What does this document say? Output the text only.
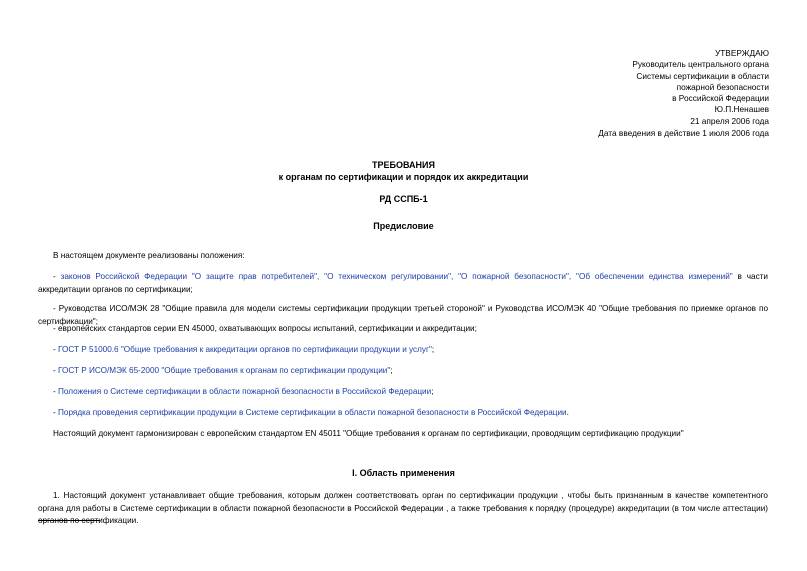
УТВЕРЖДАЮ
Руководитель центрального органа
Системы сертификации в области
пожарной безопасности
в Российской Федерации
Ю.П.Ненашев
21 апреля 2006 года
Дата введения в действие 1 июля 2006 года
ТРЕБОВАНИЯ
к органам по сертификации и порядок их аккредитации
РД ССПБ-1
Предисловие
В настоящем документе реализованы положения:
- законов Российской Федерации "О защите прав потребителей", "О техническом регулировании", "О пожарной безопасности", "Об обеспечении единства измерений" в части аккредитации органов по сертификации;
- Руководства ИСО/МЭК 28 "Общие правила для модели системы сертификации продукции третьей стороной" и Руководства ИСО/МЭК 40 "Общие требования по приемке органов по сертификации";
- европейских стандартов серии EN 45000, охватывающих вопросы испытаний, сертификации и аккредитации;
- ГОСТ Р 51000.6 "Общие требования к аккредитации органов по сертификации продукции и услуг";
- ГОСТ Р ИСО/МЭК 65-2000 "Общие требования к органам по сертификации продукции";
- Положения о Системе сертификации в области пожарной безопасности в Российской Федерации;
- Порядка проведения сертификации продукции в Системе сертификации в области пожарной безопасности в Российской Федерации.
Настоящий документ гармонизирован с европейским стандартом EN 45011 "Общие требования к органам по сертификации, проводящим сертификацию продукции"
I. Область применения
1. Настоящий документ устанавливает общие требования, которым должен соответствовать орган по сертификации продукции , чтобы быть признанным в качестве компетентного органа для работы в Системе сертификации в области пожарной безопасности в Российской Федерации , а также требования к порядку (процедуре) аккредитации (в том числе аттестации) органов по сертификации.
